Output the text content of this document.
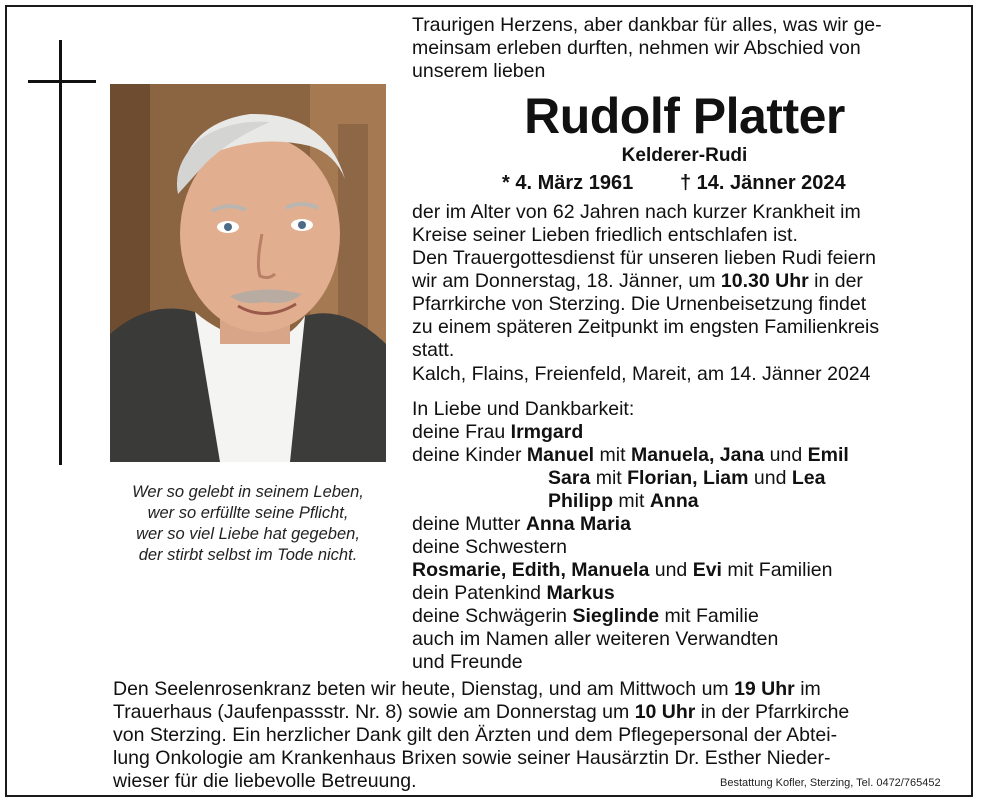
Wer so gelebt in seinem Leben,
wer so erfüllte seine Pflicht,
wer so viel Liebe hat gegeben,
der stirbt selbst im Tode nicht.
Traurigen Herzens, aber dankbar für alles, was wir ge-
meinsam erleben durften, nehmen wir Abschied von
unserem lieben
Rudolf Platter
Kelderer-Rudi
* 4. März 1961 † 14. Jänner 2024
der im Alter von 62 Jahren nach kurzer Krankheit im
Kreise seiner Lieben friedlich entschlafen ist.
Den Trauergottesdienst für unseren lieben Rudi feiern
wir am Donnerstag, 18. Jänner, um 10.30 Uhr in der
Pfarrkirche von Sterzing. Die Urnenbeisetzung findet
zu einem späteren Zeitpunkt im engsten Familienkreis
statt.
Kalch, Flains, Freienfeld, Mareit, am 14. Jänner 2024
In Liebe und Dankbarkeit:
deine Frau Irmgard
deine Kinder Manuel mit Manuela, Jana und Emil
Sara mit Florian, Liam und Lea
Philipp mit Anna
deine Mutter Anna Maria
deine Schwestern
Rosmarie, Edith, Manuela und Evi mit Familien
dein Patenkind Markus
deine Schwägerin Sieglinde mit Familie
auch im Namen aller weiteren Verwandten
und Freunde
Den Seelenrosenkranz beten wir heute, Dienstag, und am Mittwoch um 19 Uhr im
Trauerhaus (Jaufenpassstr. Nr. 8) sowie am Donnerstag um 10 Uhr in der Pfarrkirche
von Sterzing. Ein herzlicher Dank gilt den Ärzten und dem Pflegepersonal der Abtei-
lung Onkologie am Krankenhaus Brixen sowie seiner Hausärztin Dr. Esther Nieder-
wieser für die liebevolle Betreuung.	Bestattung Kofler, Sterzing, Tel. 0472/765452
